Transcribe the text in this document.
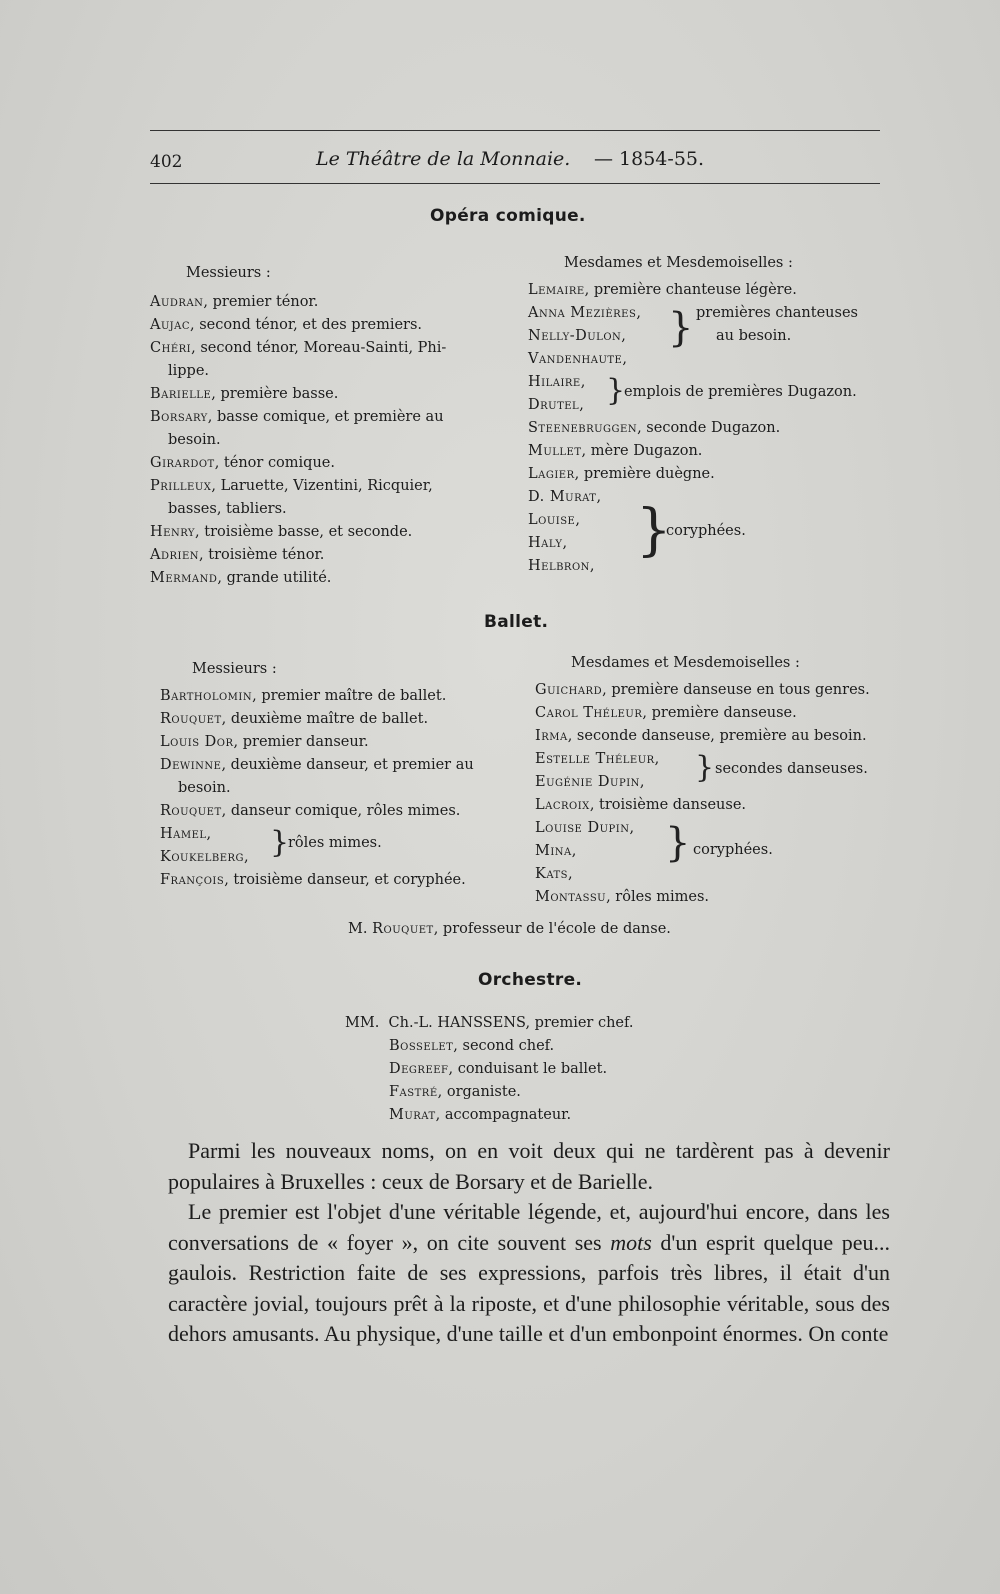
402	Le Théâtre de la Monnaie. — 1854-55.
Opéra comique.
Messieurs :
Audran, premier ténor.
Aujac, second ténor, et des premiers.
Chéri, second ténor, Moreau-Sainti, Phi-
lippe.
Barielle, première basse.
Borsary, basse comique, et première au
besoin.
Girardot, ténor comique.
Prilleux, Laruette, Vizentini, Ricquier,
basses, tabliers.
Henry, troisième basse, et seconde.
Adrien, troisième ténor.
Mermand, grande utilité.
Mesdames et Mesdemoiselles :
Lemaire, première chanteuse légère.
Anna Mezières,
Nelly-Dulon,
Vandenhaute,
} premières chanteuses
au besoin.
Hilaire,
Drutel, }
emplois de premières Dugazon.
Steenebruggen, seconde Dugazon.
Mullet, mère Dugazon.
Lagier, première duègne.
D. Murat,
Louise,
Haly,
Helbron,
}
coryphées.
Ballet.
Messieurs :
Bartholomin, premier maître de ballet.
Rouquet, deuxième maître de ballet.
Louis Dor, premier danseur.
Dewinne, deuxième danseur, et premier au
besoin.
Rouquet, danseur comique, rôles mimes.
Hamel,
Koukelberg, }
rôles mimes.
François, troisième danseur, et coryphée.
Mesdames et Mesdemoiselles :
Guichard, première danseuse en tous genres.
Carol Théleur, première danseuse.
Irma, seconde danseuse, première au besoin.
Estelle Théleur,
Eugénie Dupin,	} secondes danseuses.
Lacroix, troisième danseuse.
Louise Dupin,
Mina,
Kats,
} coryphées.
Montassu, rôles mimes.
M. Rouquet, professeur de l'école de danse.
Orchestre.
MM. Ch.-L. HANSSENS, premier chef.
Bosselet, second chef.
Degreef, conduisant le ballet.
Fastré, organiste.
Murat, accompagnateur.

Parmi les nouveaux noms, on en voit deux qui ne tardèrent pas à devenir populaires à Bruxelles : ceux de Borsary et de Barielle.

Le premier est l'objet d'une véritable légende, et, aujourd'hui encore, dans les conversations de « foyer », on cite souvent ses mots d'un esprit quelque peu... gaulois. Restriction faite de ses expressions, parfois très libres, il était d'un caractère jovial, toujours prêt à la riposte, et d'une philosophie véritable, sous des dehors amusants. Au physique, d'une taille et d'un embonpoint énormes. On conte
